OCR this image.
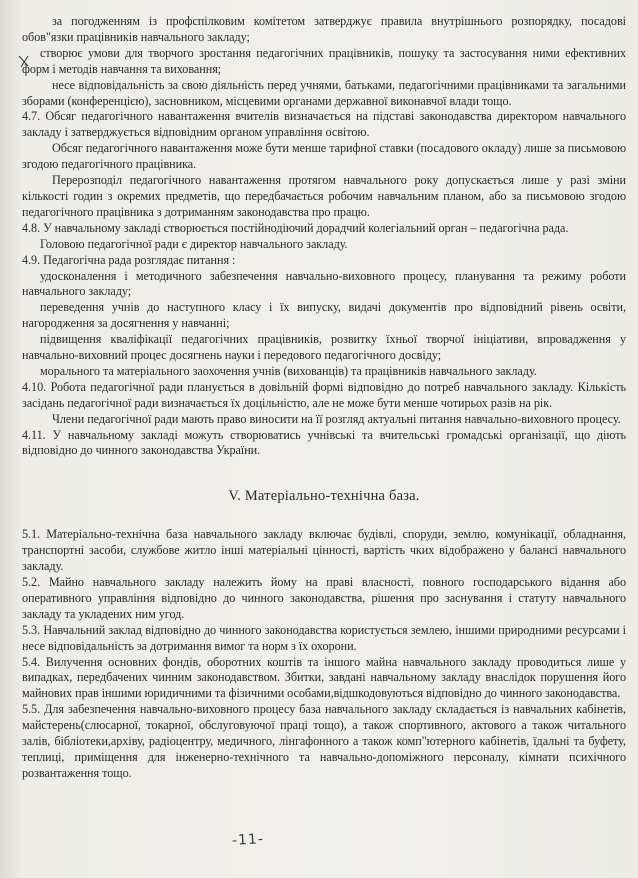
за погодженням із профспілковим комітетом затверджує правила внутрішнього розпорядку, посадові обов"язки працівників навчального закладу;

створює умови для творчого зростання педагогічних працівників, пошуку та застосування ними ефективних форм і методів навчання та виховання;

несе відповідальність за свою діяльність перед учнями, батьками, педагогічними працівниками та загальними зборами (конференцією), засновником, місцевими органами державної виконавчої влади тощо.

4.7. Обсяг педагогічного навантаження вчителів визначається на підставі законодавства директором навчального закладу і затверджується відповідним органом управління освітою.

Обсяг педагогічного навантаження може бути менше тарифної ставки (посадового окладу) лише за письмовою згодою педагогічного працівника.

Перерозподіл педагогічного навантаження протягом навчального року допускається лише у разі зміни кількості годин з окремих предметів, що передбачається робочим навчальним планом, або за письмовою згодою педагогічного працівника з дотриманням законодавства про працю.

4.8. У навчальному закладі створюється постійнодіючий дорадчий колегіальний орган – педагогічна рада.

Головою педагогічної ради є директор навчального закладу.

4.9. Педагогічна рада розглядає питання :

удосконалення і методичного забезпечення навчально-виховного процесу, планування та режиму роботи навчального закладу;

переведення учнів до наступного класу і їх випуску, видачі документів про відповідний рівень освіти, нагородження за досягнення у навчанні;

підвищення кваліфікації педагогічних працівників, розвитку їхньої творчої ініціативи, впровадження у навчально-виховний процес досягнень науки і передового педагогічного досвіду;

морального та матеріального заохочення учнів (вихованців) та працівників навчального закладу.

4.10. Робота педагогічної ради планується в довільній формі відповідно до потреб навчального закладу. Кількість засідань педагогічної ради визначається їх доцільністю, але не може бути менше чотирьох разів на рік.

Члени педагогічної ради мають право виносити на її розгляд актуальні питання навчально-виховного процесу.

4.11. У навчальному закладі можуть створюватись учнівські та вчительські громадські організації, що діють відповідно до чинного законодавства України.

V. Матеріально-технічна база.

5.1. Матеріально-технічна база навчального закладу включає будівлі, споруди, землю, комунікації, обладнання, транспортні засоби, службове житло інші матеріальні цінності, вартість чких відображено у балансі навчального закладу.

5.2. Майно навчального закладу належить йому на праві власності, повного господарського відання або оперативного управління відповідно до чинного законодавства, рішення про заснування і статуту навчального закладу та укладених ним угод.

5.3. Навчальний заклад відповідно до чинного законодавства користується землею, іншими природними ресурсами і несе відповідальність за дотримання вимог та норм з їх охорони.

5.4. Вилучення основних фондів, оборотних коштів та іншого майна навчального закладу проводиться лише у випадках, передбачених чинним законодавством. Збитки, завдані навчальному закладу внаслідок порушення його майнових прав іншими юридичними та фізичними особами,відшкодовуються відповідно до чинного законодавства.

5.5. Для забезпечення навчально-виховного процесу база навчального закладу складається із навчальних кабінетів, майстерень(слюсарної, токарної, обслуговуючої праці тощо), а також спортивного, актового а також читального залів, бібліотеки,архіву, радіоцентру, медичного, лінгафонного а також комп"ютерного кабінетів, їдальні та буфету, теплиці, приміщення для інженерно-технічного та навчально-допоміжного персоналу, кімнати психічного розвантаження тощо.

-11-
